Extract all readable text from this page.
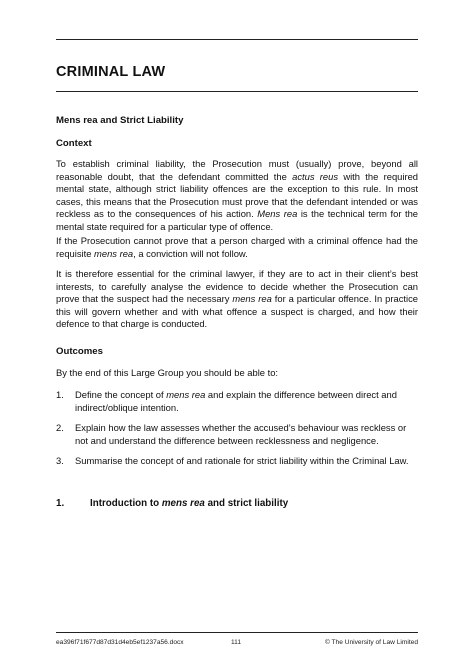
CRIMINAL LAW
Mens rea and Strict Liability
Context
To establish criminal liability, the Prosecution must (usually) prove, beyond all reasonable doubt, that the defendant committed the actus reus with the required mental state, although strict liability offences are the exception to this rule. In most cases, this means that the Prosecution must prove that the defendant intended or was reckless as to the consequences of his action. Mens rea is the technical term for the mental state required for a particular type of offence.
If the Prosecution cannot prove that a person charged with a criminal offence had the requisite mens rea, a conviction will not follow.
It is therefore essential for the criminal lawyer, if they are to act in their client’s best interests, to carefully analyse the evidence to decide whether the Prosecution can prove that the suspect had the necessary mens rea for a particular offence. In practice this will govern whether and with what offence a suspect is charged, and how their defence to that charge is conducted.
Outcomes
By the end of this Large Group you should be able to:
1.	Define the concept of mens rea and explain the difference between direct and indirect/oblique intention.
2.	Explain how the law assesses whether the accused’s behaviour was reckless or not and understand the difference between recklessness and negligence.
3.	Summarise the concept of and rationale for strict liability within the Criminal Law.
1.	Introduction to mens rea and strict liability
ea396f71f677d87d31d4eb5ef1237a56.docx	111	© The University of Law Limited
